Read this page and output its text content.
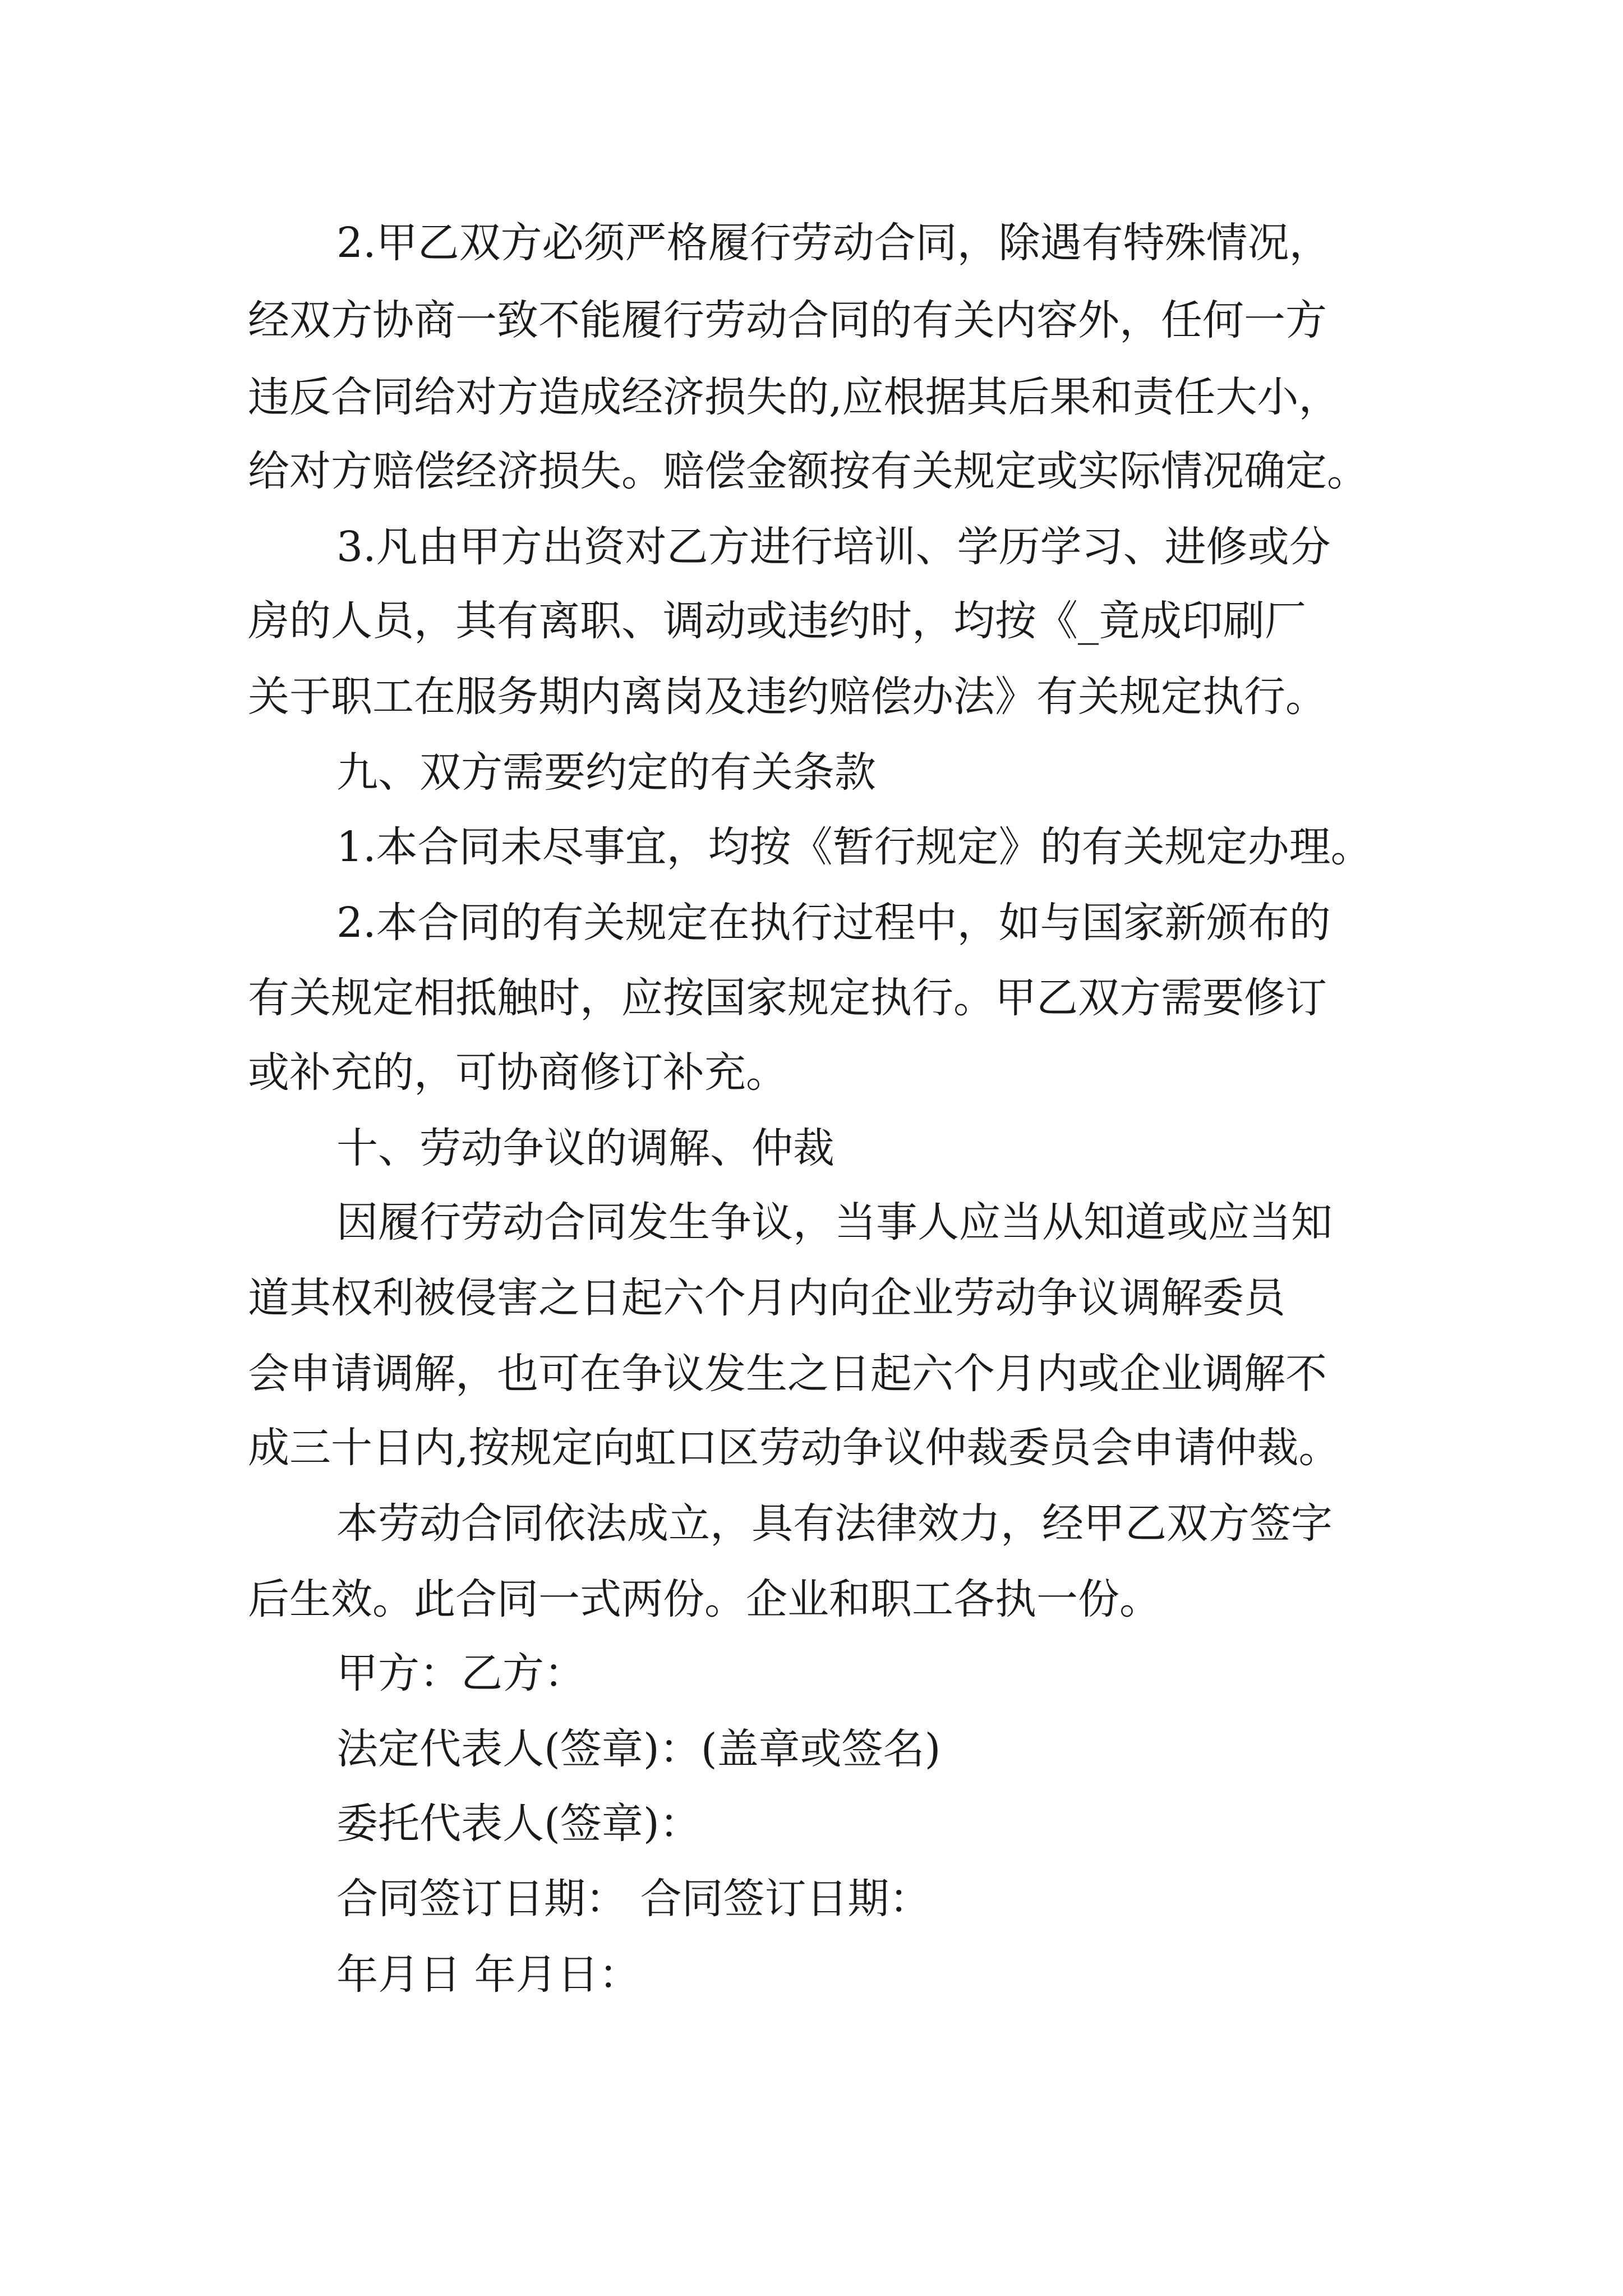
2.甲乙双方必须严格履行劳动合同，除遇有特殊情况，
经双方协商一致不能履行劳动合同的有关内容外，任何一方
违反合同给对方造成经济损失的,应根据其后果和责任大小，
给对方赔偿经济损失。赔偿金额按有关规定或实际情况确定。
3.凡由甲方出资对乙方进行培训、学历学习、进修或分
房的人员，其有离职、调动或违约时，均按《_竟成印刷厂
关于职工在服务期内离岗及违约赔偿办法》有关规定执行。
九、双方需要约定的有关条款
1.本合同未尽事宜，均按《暂行规定》的有关规定办理。
2.本合同的有关规定在执行过程中，如与国家新颁布的
有关规定相抵触时，应按国家规定执行。甲乙双方需要修订
或补充的，可协商修订补充。
十、劳动争议的调解、仲裁
因履行劳动合同发生争议，当事人应当从知道或应当知
道其权利被侵害之日起六个月内向企业劳动争议调解委员
会申请调解，也可在争议发生之日起六个月内或企业调解不
成三十日内,按规定向虹口区劳动争议仲裁委员会申请仲裁。
本劳动合同依法成立，具有法律效力，经甲乙双方签字
后生效。此合同一式两份。企业和职工各执一份。
甲方：乙方：
法定代表人(签章)：(盖章或签名)
委托代表人(签章)：
合同签订日期： 合同签订日期：
年月日 年月日：
